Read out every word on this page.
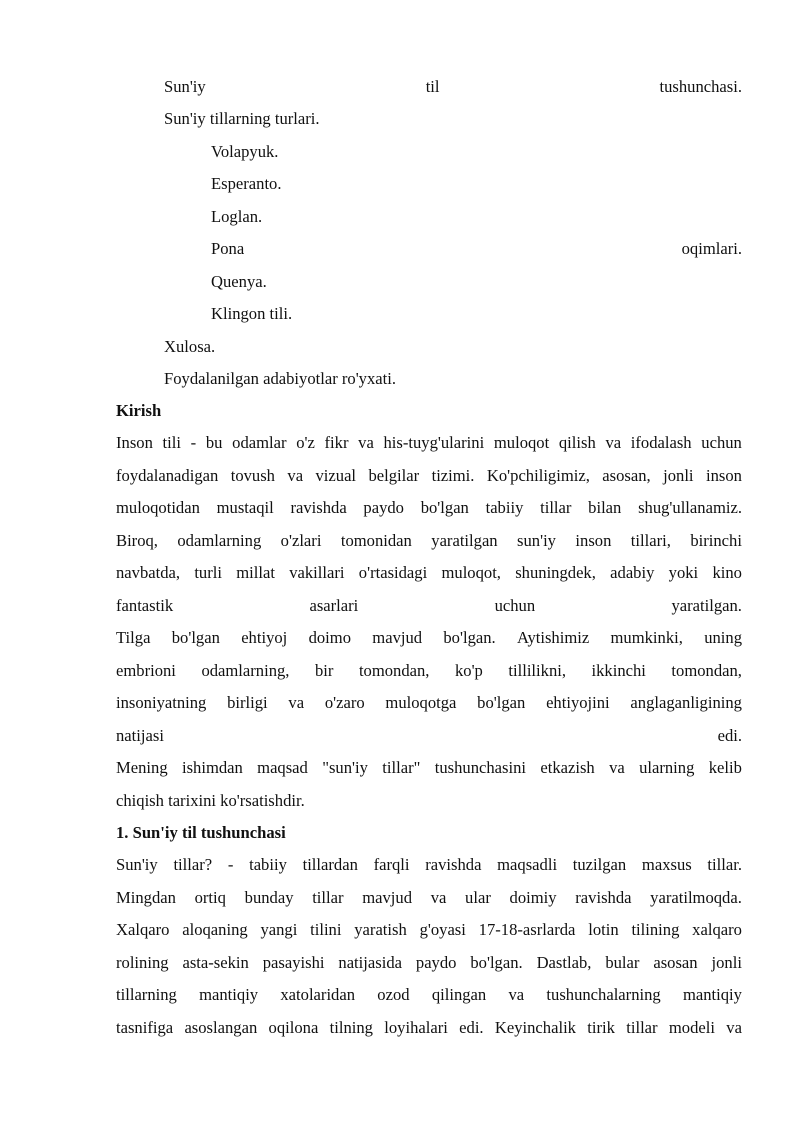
Sun'iy	til	tushunchasi.
Sun'iy tillarning turlari.
Volapyuk.
Esperanto.
Loglan.
Pona	oqimlari.
Quenya.
Klingon tili.
Xulosa.
Foydalanilgan adabiyotlar ro'yxati.
Kirish
Inson tili - bu odamlar o'z fikr va his-tuyg'ularini muloqot qilish va ifodalash uchun
foydalanadigan tovush va vizual belgilar tizimi. Ko'pchiligimiz, asosan, jonli inson
muloqotidan mustaqil ravishda paydo bo'lgan tabiiy tillar bilan shug'ullanamiz.
Biroq, odamlarning o'zlari tomonidan yaratilgan sun'iy inson tillari, birinchi
navbatda, turli millat vakillari o'rtasidagi muloqot, shuningdek, adabiy yoki kino
fantastik	asarlari	uchun	yaratilgan.
Tilga bo'lgan ehtiyoj doimo mavjud bo'lgan. Aytishimiz mumkinki, uning
embrioni odamlarning, bir tomondan, ko'p tillilikni, ikkinchi tomondan,
insoniyatning birligi va o'zaro muloqotga bo'lgan ehtiyojini anglaganligining
natijasi	edi.
Mening ishimdan maqsad "sun'iy tillar" tushunchasini etkazish va ularning kelib
chiqish tarixini ko'rsatishdir.
1. Sun'iy til tushunchasi
Sun'iy tillar? - tabiiy tillardan farqli ravishda maqsadli tuzilgan maxsus tillar.
Mingdan ortiq bunday tillar mavjud va ular doimiy ravishda yaratilmoqda.
Xalqaro aloqaning yangi tilini yaratish g'oyasi 17-18-asrlarda lotin tilining xalqaro
rolining asta-sekin pasayishi natijasida paydo bo'lgan. Dastlab, bular asosan jonli
tillarning mantiqiy xatolaridan ozod qilingan va tushunchalarning mantiqiy
tasnifiga asoslangan oqilona tilning loyihalari edi. Keyinchalik tirik tillar modeli va
